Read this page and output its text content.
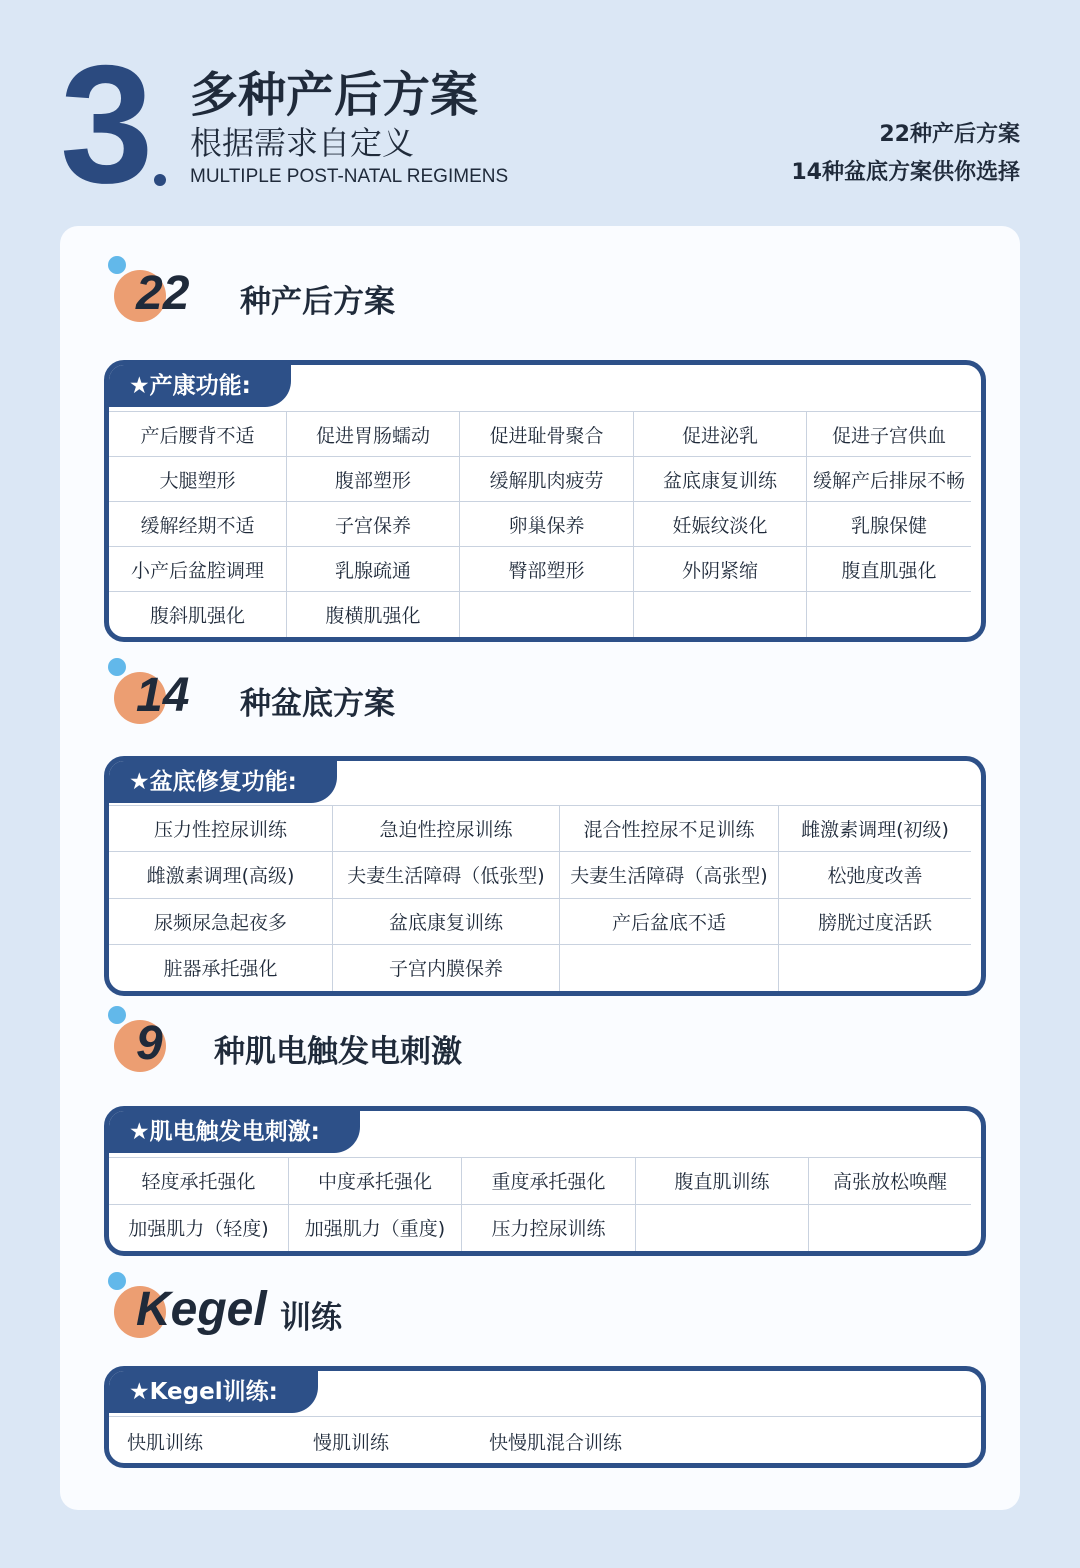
3 多种产后方案
根据需求自定义
MULTIPLE POST-NATAL REGIMENS
22种产后方案
14种盆底方案供你选择
22 种产后方案
★产康功能:
产后腰背不适	促进胃肠蠕动	促进耻骨聚合	促进泌乳	促进子宫供血
大腿塑形	腹部塑形	缓解肌肉疲劳	盆底康复训练	缓解产后排尿不畅
缓解经期不适	子宫保养	卵巢保养	妊娠纹淡化	乳腺保健
小产后盆腔调理	乳腺疏通	臀部塑形	外阴紧缩	腹直肌强化
腹斜肌强化	腹横肌强化
14 种盆底方案
★盆底修复功能:
压力性控尿训练	急迫性控尿训练	混合性控尿不足训练	雌激素调理(初级)
雌激素调理(高级)	夫妻生活障碍（低张型)	夫妻生活障碍（高张型)	松弛度改善
尿频尿急起夜多	盆底康复训练	产后盆底不适	膀胱过度活跃
脏器承托强化	子宫内膜保养
9 种肌电触发电刺激
★肌电触发电刺激:
轻度承托强化	中度承托强化	重度承托强化	腹直肌训练	高张放松唤醒
加强肌力（轻度)	加强肌力（重度)	压力控尿训练
Kegel 训练
★Kegel训练:
快肌训练	慢肌训练	快慢肌混合训练
